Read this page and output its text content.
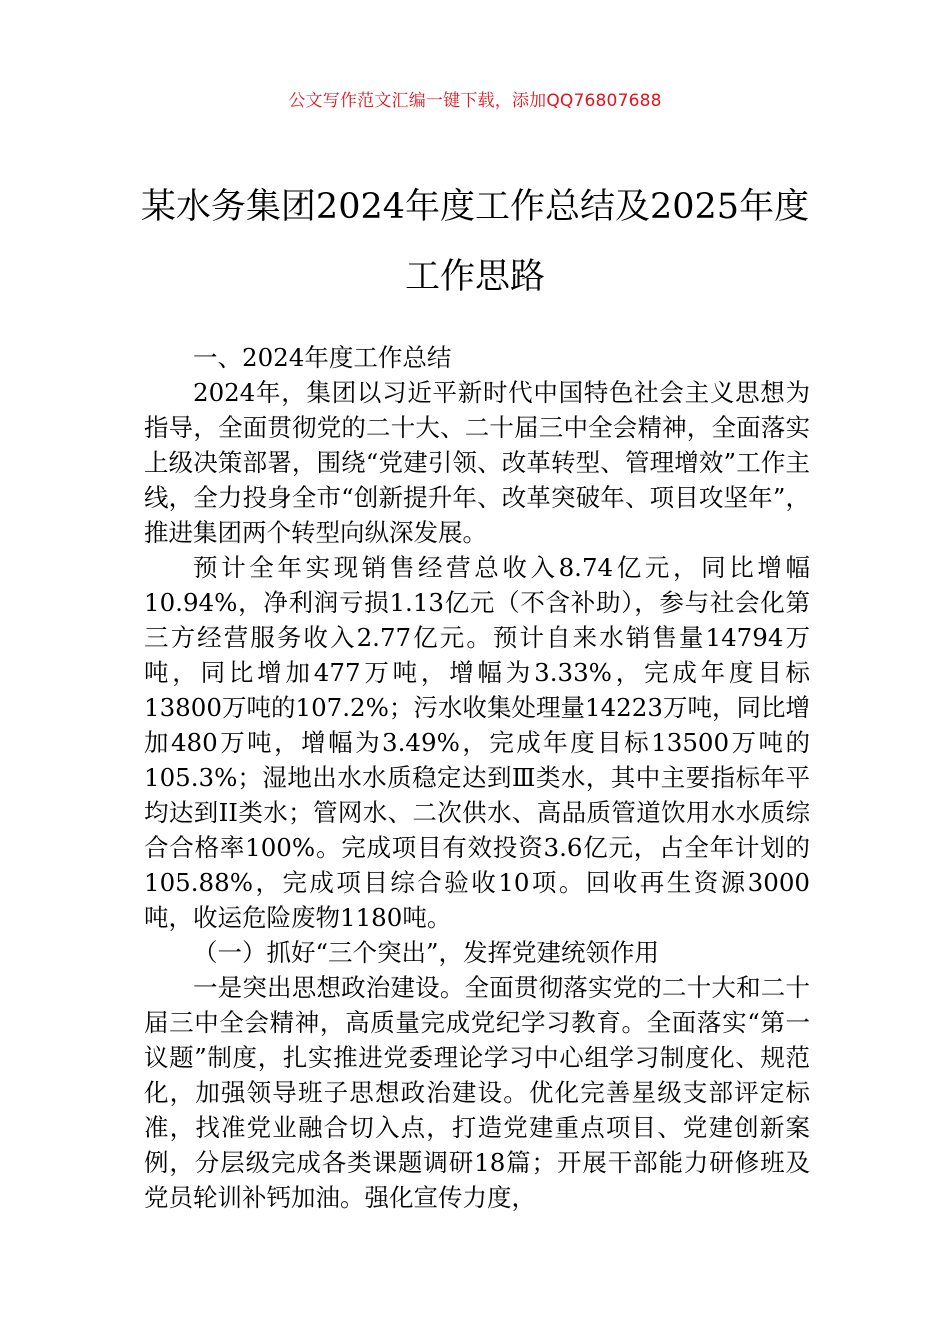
公文写作范文汇编一键下载，添加QQ76807688
某水务集团2024年度工作总结及2025年度工作思路

一、2024年度工作总结

2024年，集团以习近平新时代中国特色社会主义思想为指导，全面贯彻党的二十大、二十届三中全会精神，全面落实上级决策部署，围绕“党建引领、改革转型、管理增效”工作主线，全力投身全市“创新提升年、改革突破年、项目攻坚年”，推进集团两个转型向纵深发展。

预计全年实现销售经营总收入8.74亿元，同比增幅10.94%，净利润亏损1.13亿元（不含补助），参与社会化第三方经营服务收入2.77亿元。预计自来水销售量14794万吨，同比增加477万吨，增幅为3.33%，完成年度目标13800万吨的107.2%；污水收集处理量14223万吨，同比增加480万吨，增幅为3.49%，完成年度目标13500万吨的105.3%；湿地出水水质稳定达到Ⅲ类水，其中主要指标年平均达到II类水；管网水、二次供水、高品质管道饮用水水质综合合格率100%。完成项目有效投资3.6亿元，占全年计划的105.88%，完成项目综合验收10项。回收再生资源3000吨，收运危险废物1180吨。

（一）抓好“三个突出”，发挥党建统领作用

一是突出思想政治建设。全面贯彻落实党的二十大和二十届三中全会精神，高质量完成党纪学习教育。全面落实“第一议题”制度，扎实推进党委理论学习中心组学习制度化、规范化，加强领导班子思想政治建设。优化完善星级支部评定标准，找准党业融合切入点，打造党建重点项目、党建创新案例，分层级完成各类课题调研18篇；开展干部能力研修班及党员轮训补钙加油。强化宣传力度，
